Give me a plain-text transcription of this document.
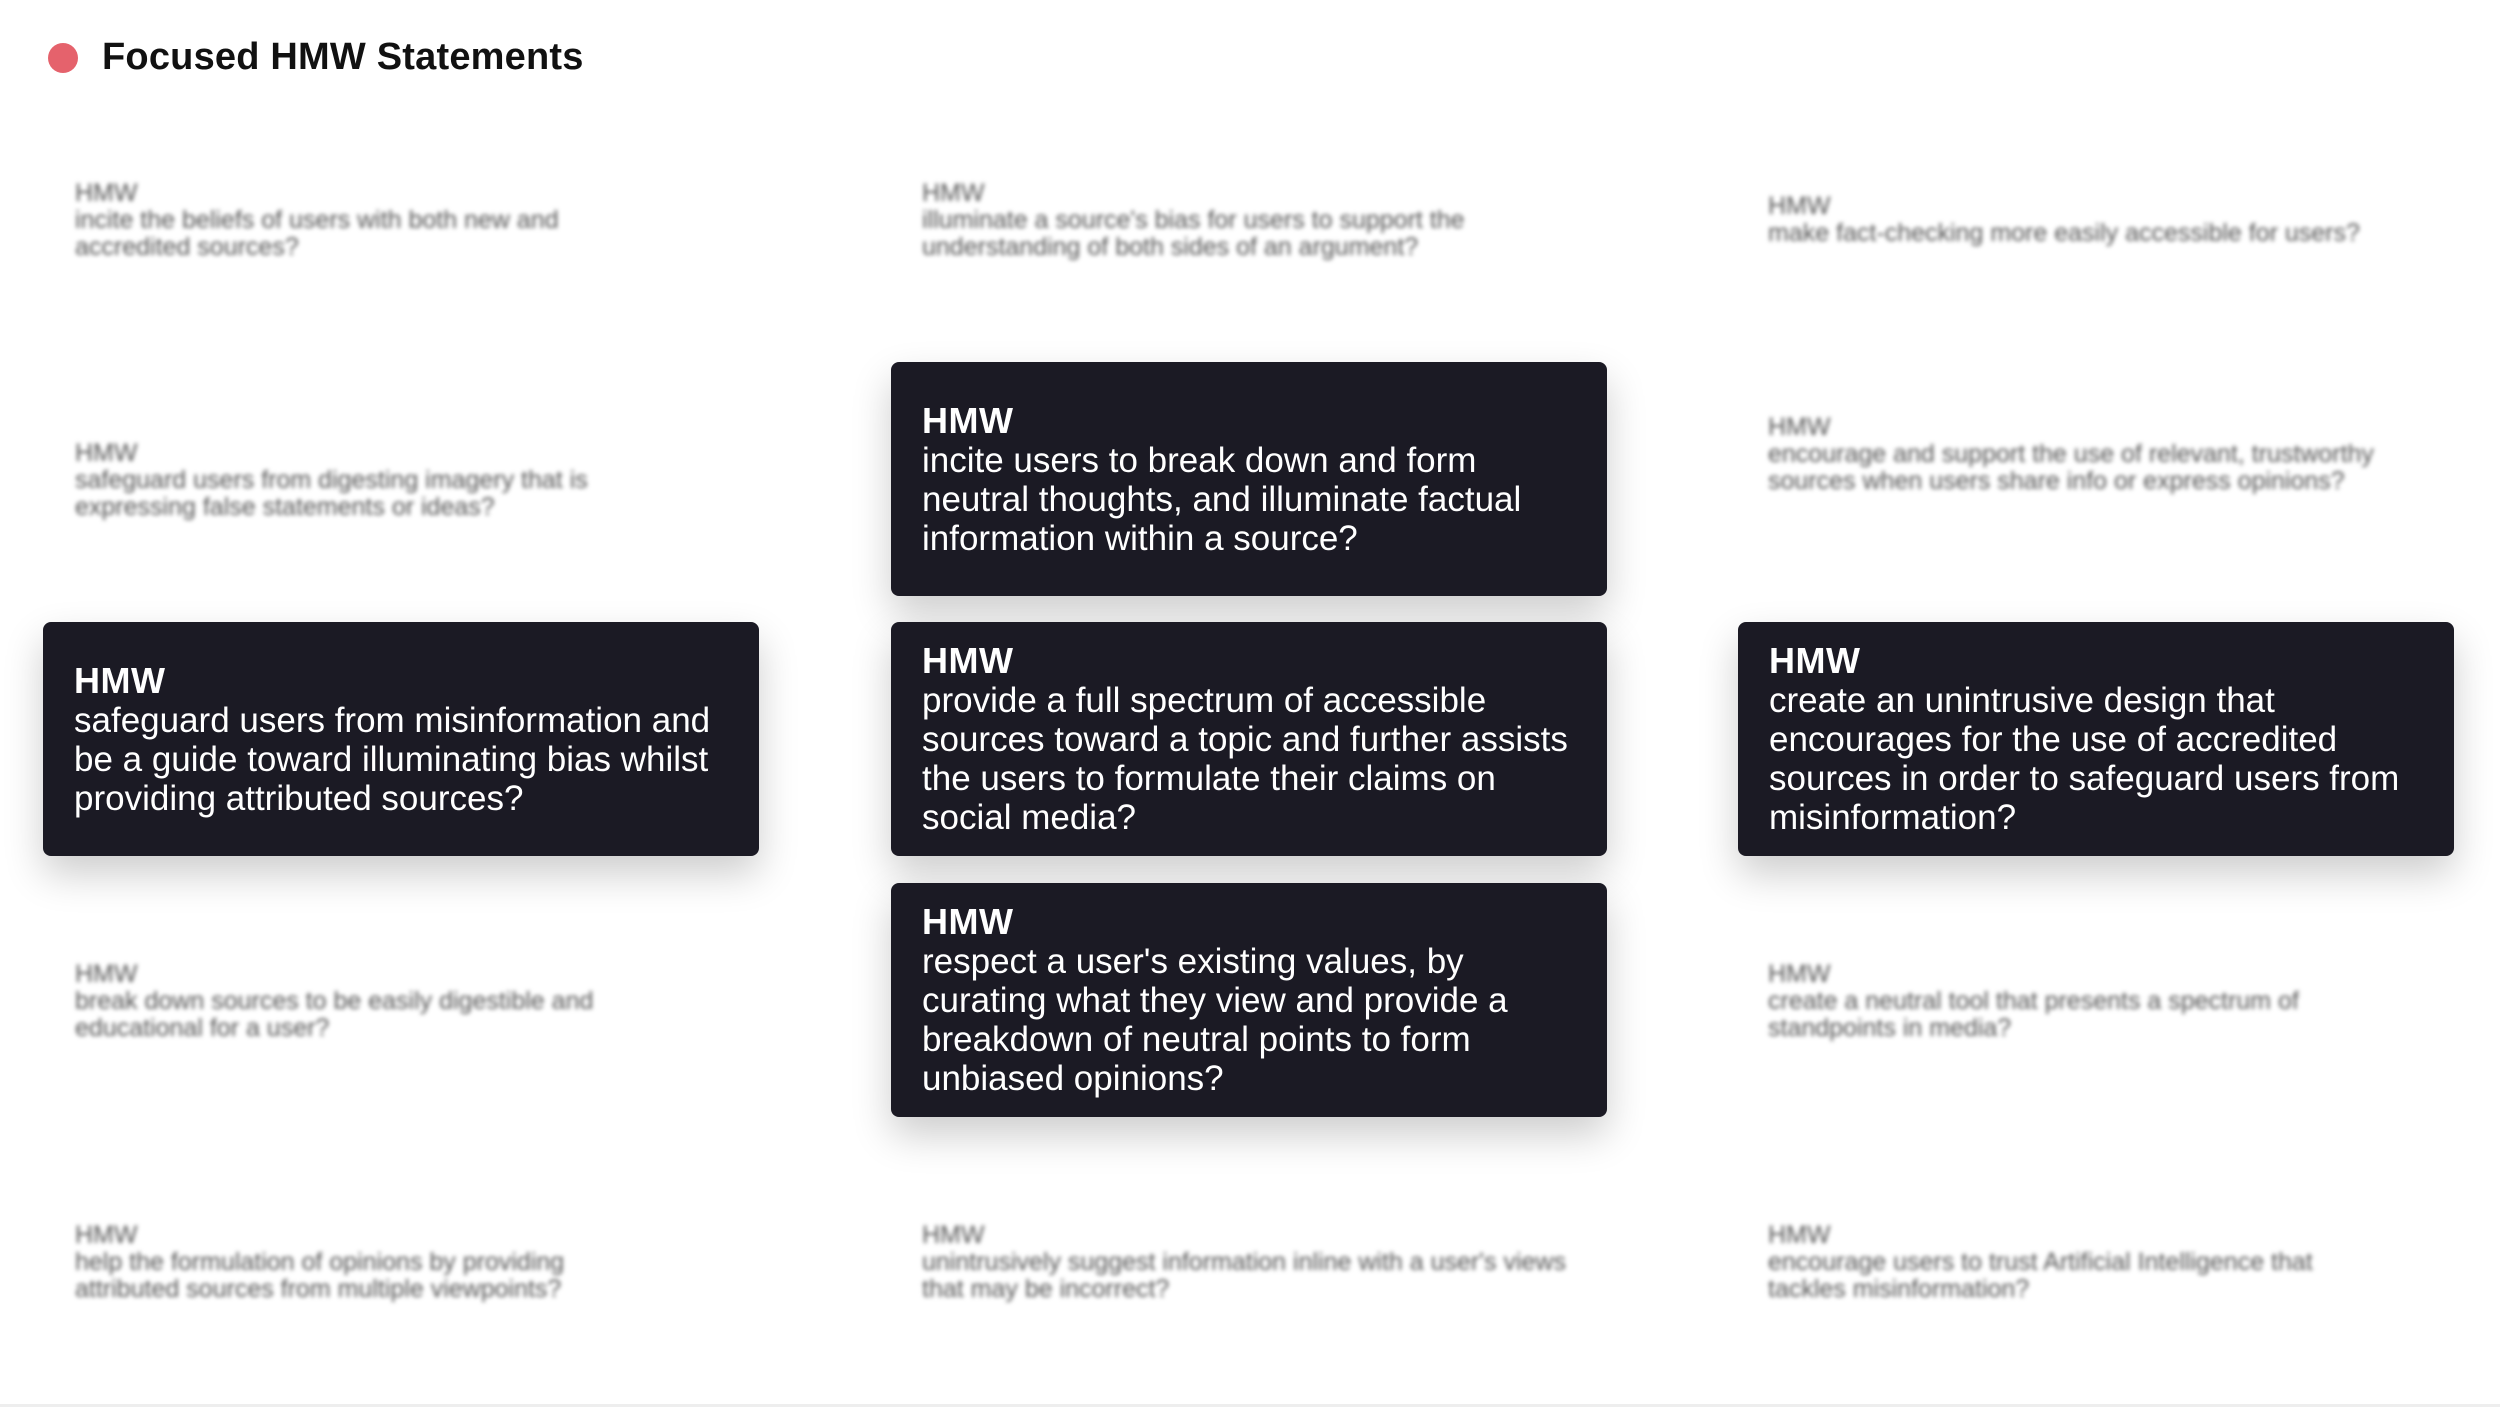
Focused HMW Statements
HMW
incite the beliefs of users with both new and accredited sources?
HMW
illuminate a source's bias for users to support the understanding of both sides of an argument?
HMW
make fact-checking more easily accessible for users?
HMW
safeguard users from digesting imagery that is expressing false statements or ideas?
HMW
encourage and support the use of relevant, trustworthy sources when users share info or express opinions?
HMW
break down sources to be easily digestible and educational for a user?
HMW
create a neutral tool that presents a spectrum of standpoints in media?
HMW
help the formulation of opinions by providing attributed sources from multiple viewpoints?
HMW
unintrusively suggest information inline with a user's views that may be incorrect?
HMW
encourage users to trust Artificial Intelligence that tackles misinformation?
HMW
incite users to break down and form neutral thoughts, and illuminate factual information within a source?
HMW
safeguard users from misinformation and be a guide toward illuminating bias whilst providing attributed sources?
HMW
provide a full spectrum of accessible sources toward a topic and further assists the users to formulate their claims on social media?
HMW
create an unintrusive design that encourages for the use of accredited sources in order to safeguard users from misinformation?
HMW
respect a user's existing values, by curating what they view and provide a breakdown of neutral points to form unbiased opinions?
